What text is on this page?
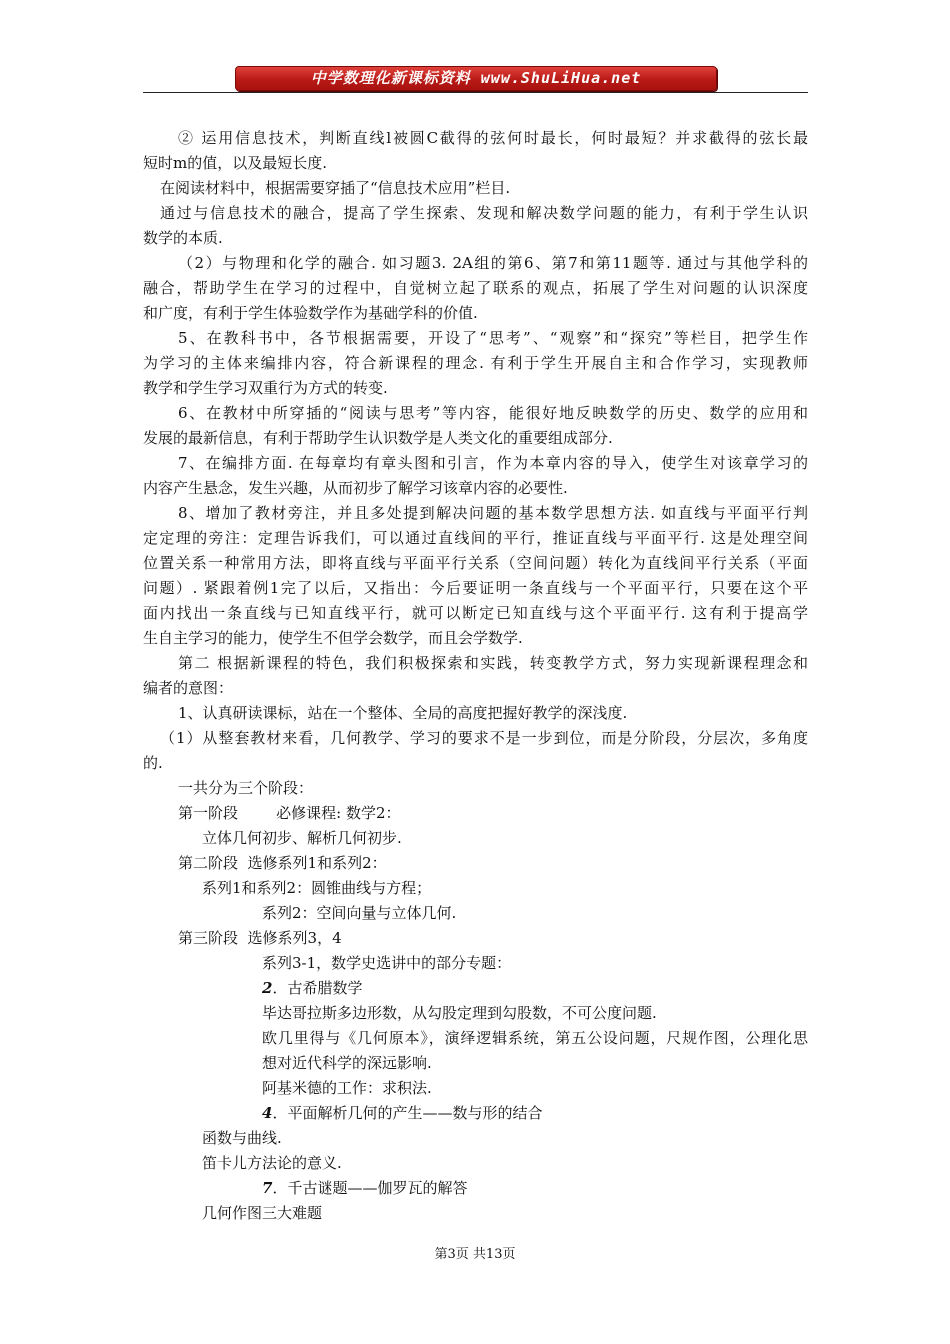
中学数理化新课标资料 www.ShuLiHua.net

② 运用信息技术，判断直线l被圆C截得的弦何时最长，何时最短？并求截得的弦长最

短时m的值，以及最短长度.

在阅读材料中，根据需要穿插了“信息技术应用”栏目.

通过与信息技术的融合，提高了学生探索、发现和解决数学问题的能力，有利于学生认识

数学的本质.

（2）与物理和化学的融合. 如习题3. 2A组的第6、第7和第11题等. 通过与其他学科的

融合，帮助学生在学习的过程中，自觉树立起了联系的观点，拓展了学生对问题的认识深度

和广度，有利于学生体验数学作为基础学科的价值.

5、在教科书中，各节根据需要，开设了“思考”、“观察”和“探究”等栏目，把学生作

为学习的主体来编排内容，符合新课程的理念. 有利于学生开展自主和合作学习，实现教师

教学和学生学习双重行为方式的转变.

6、在教材中所穿插的“阅读与思考”等内容，能很好地反映数学的历史、数学的应用和

发展的最新信息，有利于帮助学生认识数学是人类文化的重要组成部分.

7、在编排方面. 在每章均有章头图和引言，作为本章内容的导入，使学生对该章学习的

内容产生悬念，发生兴趣，从而初步了解学习该章内容的必要性.

8、增加了教材旁注，并且多处提到解决问题的基本数学思想方法. 如直线与平面平行判

定定理的旁注：定理告诉我们，可以通过直线间的平行，推证直线与平面平行. 这是处理空间

位置关系一种常用方法，即将直线与平面平行关系（空间问题）转化为直线间平行关系（平面

问题）. 紧跟着例1完了以后，又指出：今后要证明一条直线与一个平面平行，只要在这个平

面内找出一条直线与已知直线平行，就可以断定已知直线与这个平面平行. 这有利于提高学

生自主学习的能力，使学生不但学会数学，而且会学数学.

第二 根据新课程的特色，我们积极探索和实践，转变教学方式，努力实现新课程理念和

编者的意图：

1、认真研读课标，站在一个整体、全局的高度把握好教学的深浅度.

（1）从整套教材来看，几何教学、学习的要求不是一步到位，而是分阶段，分层次，多角度

的.

一共分为三个阶段：

第一阶段        必修课程: 数学2：

立体几何初步、解析几何初步.

第二阶段  选修系列1和系列2：

系列1和系列2：圆锥曲线与方程；

系列2：空间向量与立体几何.

第三阶段  选修系列3，4

系列3-1，数学史选讲中的部分专题：

2．古希腊数学

毕达哥拉斯多边形数，从勾股定理到勾股数，不可公度问题.

欧几里得与《几何原本》，演绎逻辑系统，第五公设问题，尺规作图，公理化思

想对近代科学的深远影响.

阿基米德的工作：求积法.

4．平面解析几何的产生——数与形的结合

函数与曲线.

笛卡儿方法论的意义.

7．千古谜题——伽罗瓦的解答

几何作图三大难题

第3页 共13页
